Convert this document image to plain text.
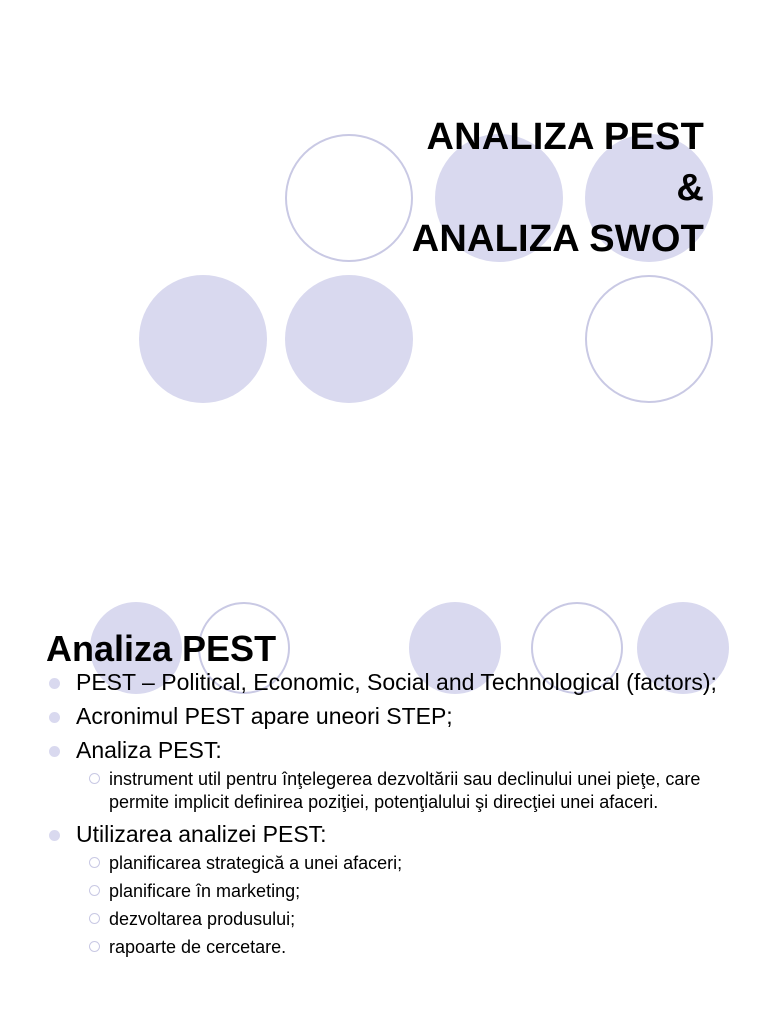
ANALIZA PEST
&
ANALIZA SWOT
Analiza PEST
PEST – Political, Economic, Social and Technological (factors);
Acronimul PEST apare uneori STEP;
Analiza PEST:
instrument util pentru înţelegerea dezvoltării sau declinului unei pieţe, care permite implicit definirea poziţiei, potenţialului şi direcţiei unei afaceri.
Utilizarea analizei PEST:
planificarea strategică a unei afaceri;
planificare în marketing;
dezvoltarea produsului;
rapoarte de cercetare.
